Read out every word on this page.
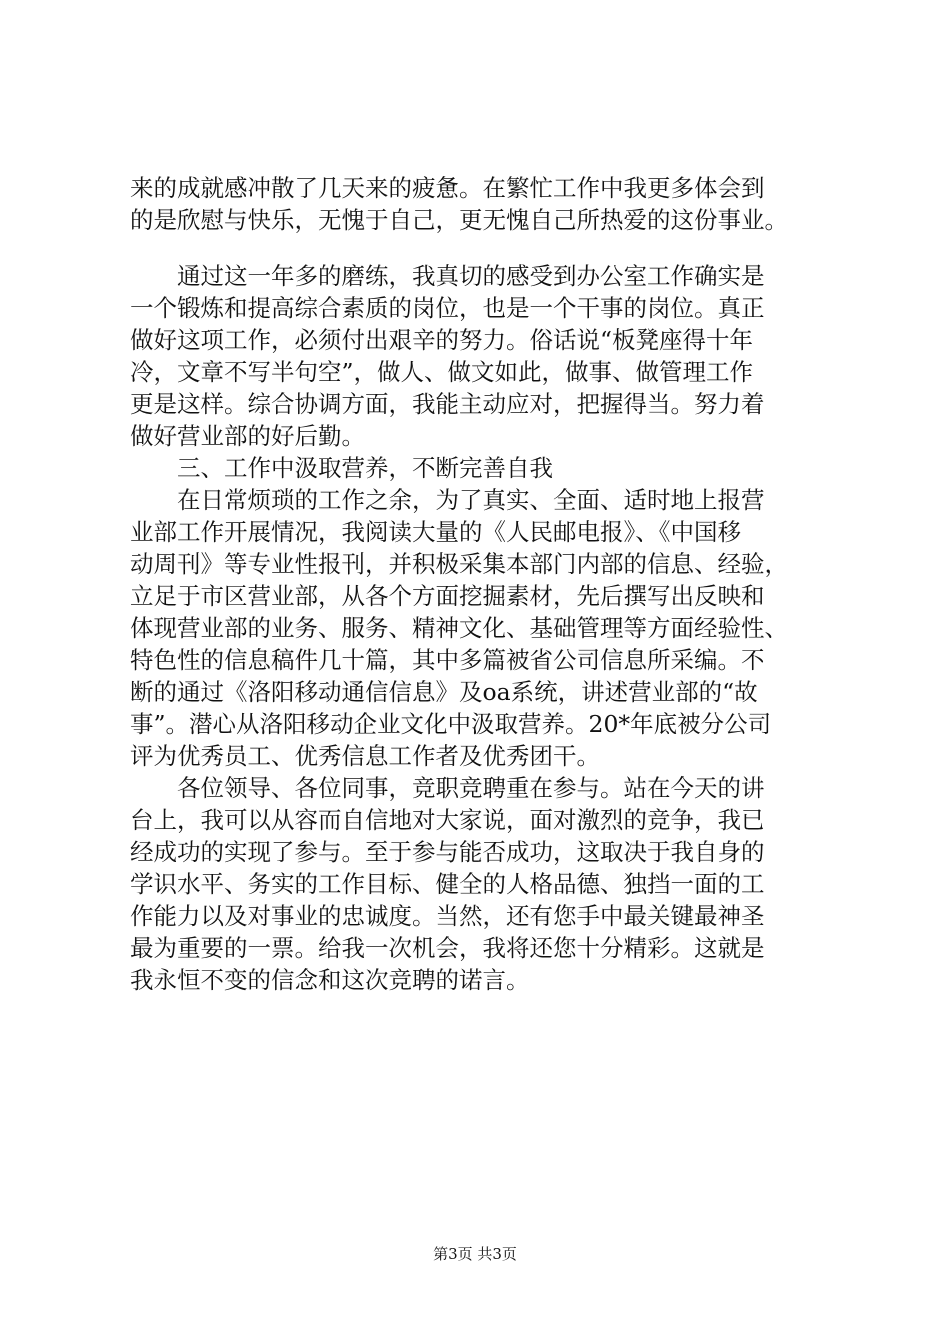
来的成就感冲散了几天来的疲惫。在繁忙工作中我更多体会到
的是欣慰与快乐，无愧于自己，更无愧自己所热爱的这份事业。
　　通过这一年多的磨练，我真切的感受到办公室工作确实是
一个锻炼和提高综合素质的岗位，也是一个干事的岗位。真正
做好这项工作，必须付出艰辛的努力。俗话说“板凳座得十年
冷，文章不写半句空”，做人、做文如此，做事、做管理工作
更是这样。综合协调方面，我能主动应对，把握得当。努力着
做好营业部的好后勤。
　　三、工作中汲取营养，不断完善自我
　　在日常烦琐的工作之余，为了真实、全面、适时地上报营
业部工作开展情况，我阅读大量的《人民邮电报》、《中国移
动周刊》等专业性报刊，并积极采集本部门内部的信息、经验，
立足于市区营业部，从各个方面挖掘素材，先后撰写出反映和
体现营业部的业务、服务、精神文化、基础管理等方面经验性、
特色性的信息稿件几十篇，其中多篇被省公司信息所采编。不
断的通过《洛阳移动通信信息》及oa系统，讲述营业部的“故
事”。潜心从洛阳移动企业文化中汲取营养。20*年底被分公司
评为优秀员工、优秀信息工作者及优秀团干。
　　各位领导、各位同事，竞职竞聘重在参与。站在今天的讲
台上，我可以从容而自信地对大家说，面对激烈的竞争，我已
经成功的实现了参与。至于参与能否成功，这取决于我自身的
学识水平、务实的工作目标、健全的人格品德、独挡一面的工
作能力以及对事业的忠诚度。当然，还有您手中最关键最神圣
最为重要的一票。给我一次机会，我将还您十分精彩。这就是
我永恒不变的信念和这次竞聘的诺言。
第3页 共3页
